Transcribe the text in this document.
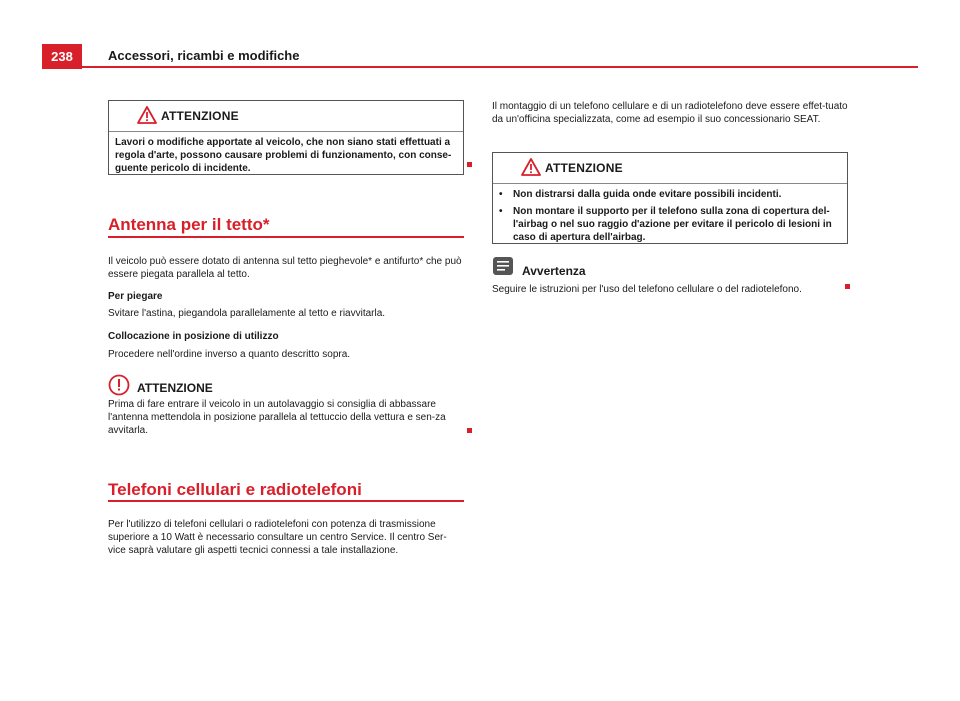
238	Accessori, ricambi e modifiche
ATTENZIONE
Lavori o modifiche apportate al veicolo, che non siano stati effettuati a regola d'arte, possono causare problemi di funzionamento, con conse-guente pericolo di incidente.
Antenna per il tetto*
Il veicolo può essere dotato di antenna sul tetto pieghevole* e antifurto* che può essere piegata parallela al tetto.
Per piegare
Svitare l'astina, piegandola parallelamente al tetto e riavvitarla.
Collocazione in posizione di utilizzo
Procedere nell'ordine inverso a quanto descritto sopra.
ATTENZIONE
Prima di fare entrare il veicolo in un autolavaggio si consiglia di abbassare l'antenna mettendola in posizione parallela al tettuccio della vettura e sen-za avvitarla.
Telefoni cellulari e radiotelefoni
Per l'utilizzo di telefoni cellulari o radiotelefoni con potenza di trasmissione superiore a 10 Watt è necessario consultare un centro Service. Il centro Ser-vice saprà valutare gli aspetti tecnici connessi a tale installazione.
Il montaggio di un telefono cellulare e di un radiotelefono deve essere effet-tuato da un'officina specializzata, come ad esempio il suo concessionario SEAT.
ATTENZIONE
• Non distrarsi dalla guida onde evitare possibili incidenti.
• Non montare il supporto per il telefono sulla zona di copertura del-l'airbag o nel suo raggio d'azione per evitare il pericolo di lesioni in caso di apertura dell'airbag.
Avvertenza
Seguire le istruzioni per l'uso del telefono cellulare o del radiotelefono.
